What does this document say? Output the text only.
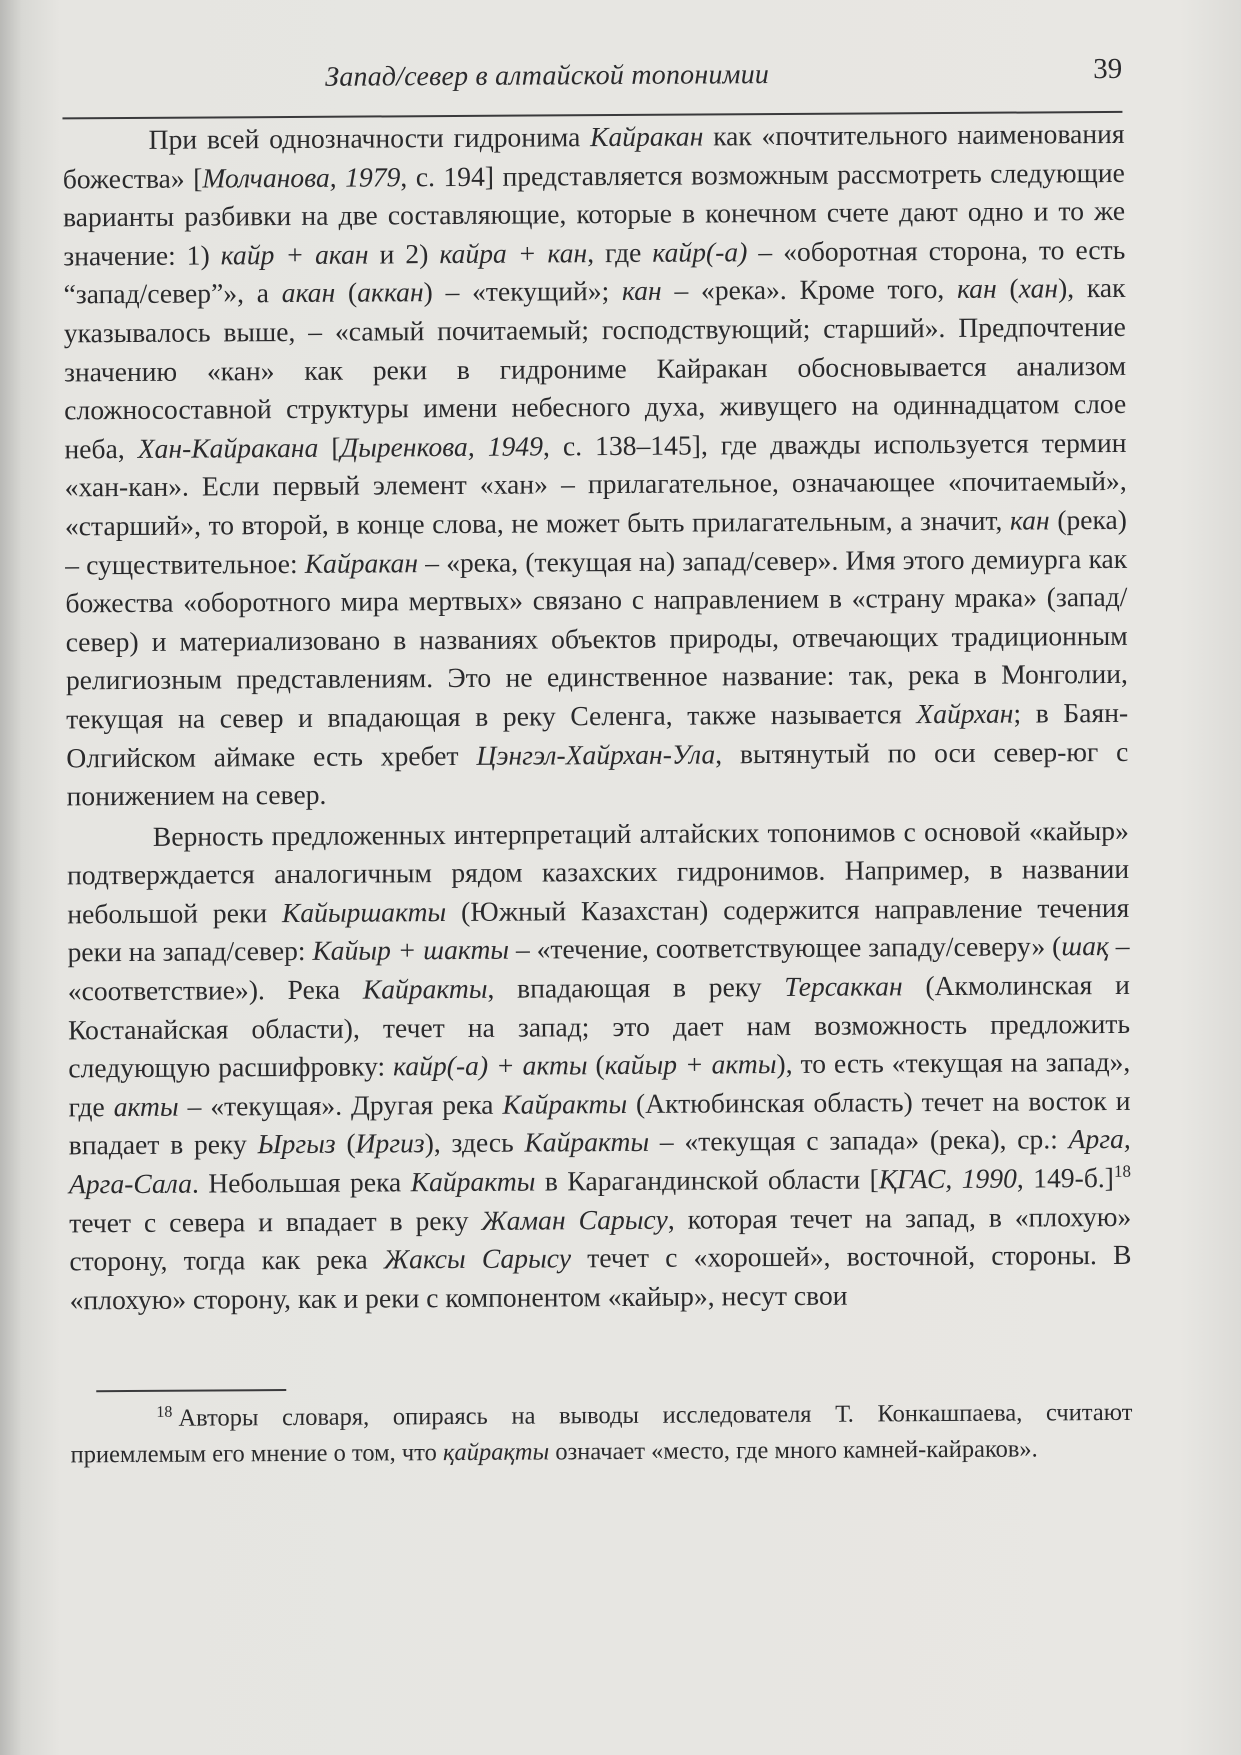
Запад/север в алтайской топонимии	39

При всей однозначности гидронима Кайракан как «почтительного наименования божества» [Молчанова, 1979, с. 194] представляется возможным рассмотреть следующие варианты разбивки на две составляющие, которые в конечном счете дают одно и то же значение: 1) кайр + акан и 2) кайра + кан, где кайр(-а) – «оборотная сторона, то есть “запад/север”», а акан (аккан) – «текущий»; кан – «река». Кроме того, кан (хан), как указывалось выше, – «самый почитаемый; господствующий; старший». Предпочтение значению «кан» как реки в гидрониме Кайракан обосновывается анализом сложносоставной структуры имени небесного духа, живущего на одиннадцатом слое неба, Хан-Кайракана [Дыренкова, 1949, с. 138–145], где дважды используется термин «хан-кан». Если первый элемент «хан» – прилагательное, означающее «почитаемый», «старший», то второй, в конце слова, не может быть прилагательным, а значит, кан (река) – существительное: Кайракан – «река, (текущая на) запад/север». Имя этого демиурга как божества «оборотного мира мертвых» связано с направлением в «страну мрака» (запад/север) и материализовано в названиях объектов природы, отвечающих традиционным религиозным представлениям. Это не единственное название: так, река в Монголии, текущая на север и впадающая в реку Селенга, также называется Хайрхан; в Баян-Олгийском аймаке есть хребет Цэнгэл-Хайрхан-Ула, вытянутый по оси север-юг с понижением на север.

Верность предложенных интерпретаций алтайских топонимов с основой «кайыр» подтверждается аналогичным рядом казахских гидронимов. Например, в названии небольшой реки Кайыршакты (Южный Казахстан) содержится направление течения реки на запад/север: Кайыр + шакты – «течение, соответствующее западу/северу» (шақ – «соответствие»). Река Кайракты, впадающая в реку Терсаккан (Акмолинская и Костанайская области), течет на запад; это дает нам возможность предложить следующую расшифровку: кайр(-а) + акты (кайыр + акты), то есть «текущая на запад», где акты – «текущая». Другая река Кайракты (Актюбинская область) течет на восток и впадает в реку Ыргыз (Иргиз), здесь Кайракты – «текущая с запада» (река), ср.: Арга, Арга-Сала. Небольшая река Кайракты в Карагандинской области [ҚГАС, 1990, 149-б.]$^{18}$ течет с севера и впадает в реку Жаман Сарысу, которая течет на запад, в «плохую» сторону, тогда как река Жаксы Сарысу течет с «хорошей», восточной, стороны. В «плохую» сторону, как и реки с компонентом «кайыр», несут свои

$^{18}$ Авторы словаря, опираясь на выводы исследователя Т. Конкашпаева, считают приемлемым его мнение о том, что қайрақты означает «место, где много камней-кайраков».
